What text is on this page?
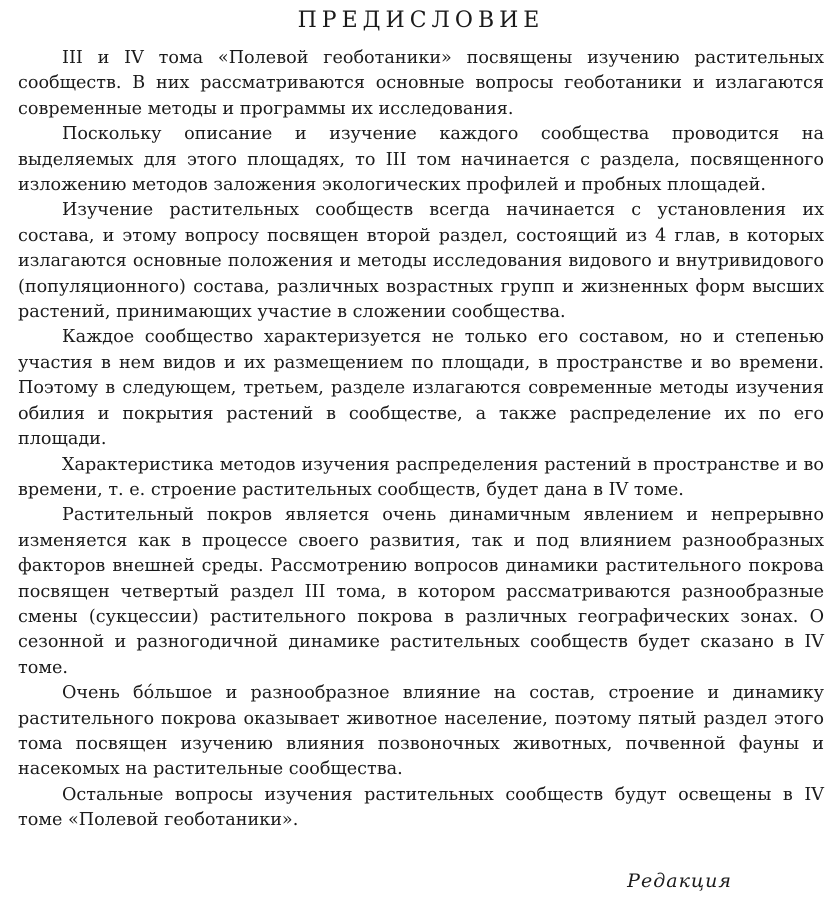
ПРЕДИСЛОВИЕ

III и IV тома «Полевой геоботаники» посвящены изучению растительных сообществ. В них рассматриваются основные вопросы геоботаники и излагаются современные методы и программы их исследования.

Поскольку описание и изучение каждого сообщества проводится на выделяемых для этого площадях, то III том начинается с раздела, посвященного изложению методов заложения экологических профилей и пробных площадей.

Изучение растительных сообществ всегда начинается с установления их состава, и этому вопросу посвящен второй раздел, состоящий из 4 глав, в которых излагаются основные положения и методы исследования видового и внутривидового (популяционного) состава, различных возрастных групп и жизненных форм высших растений, принимающих участие в сложении сообщества.

Каждое сообщество характеризуется не только его составом, но и степенью участия в нем видов и их размещением по площади, в пространстве и во времени. Поэтому в следующем, третьем, разделе излагаются современные методы изучения обилия и покрытия растений в сообществе, а также распределение их по его площади.

Характеристика методов изучения распределения растений в пространстве и во времени, т. е. строение растительных сообществ, будет дана в IV томе.

Растительный покров является очень динамичным явлением и непрерывно изменяется как в процессе своего развития, так и под влиянием разнообразных факторов внешней среды. Рассмотрению вопросов динамики растительного покрова посвящен четвертый раздел III тома, в котором рассматриваются разнообразные смены (сукцессии) растительного покрова в различных географических зонах. О сезонной и разногодичной динамике растительных сообществ будет сказано в IV томе.

Очень бо́льшое и разнообразное влияние на состав, строение и динамику растительного покрова оказывает животное население, поэтому пятый раздел этого тома посвящен изучению влияния позвоночных животных, почвенной фауны и насекомых на растительные сообщества.

Остальные вопросы изучения растительных сообществ будут освещены в IV томе «Полевой геоботаники».

Редакция
